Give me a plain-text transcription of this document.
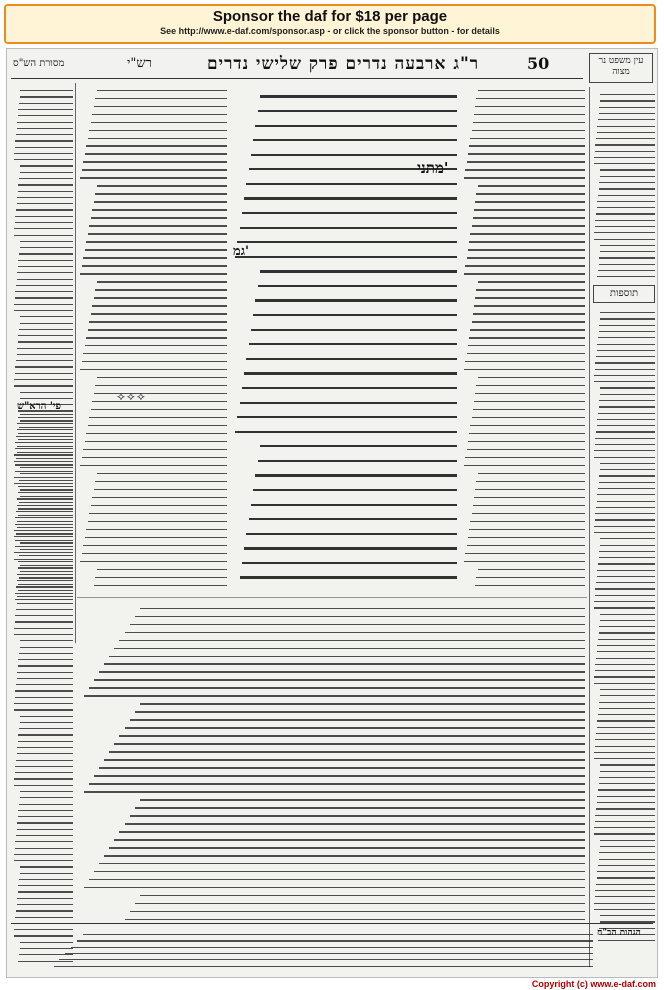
Sponsor the daf for $18 per page
See http://www.e-daf.com/sponsor.asp - or click the sponsor button - for details
מסורת הש"ס	רש"י	ר"ג ארבעה נדרים פרק שלישי נדרים	50	עין משפט נר מצוה
⟡⟡⟡
מתני'
גמ'
תוספות
פי' הרא"ש
הגהות הב"ח
Copyright (c) www.e-daf.com
